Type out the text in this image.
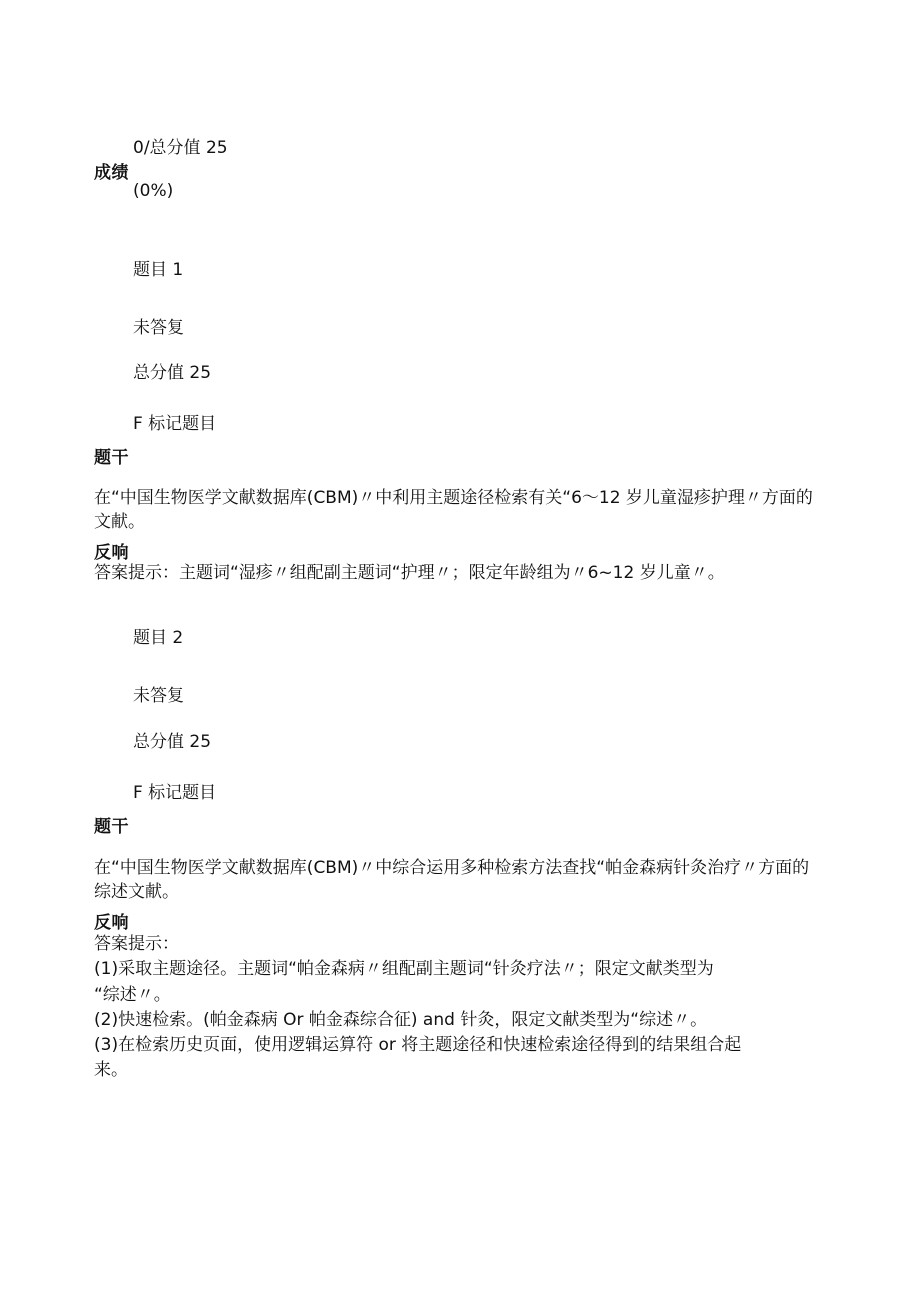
0/总分值 25
成绩
(0%)
题目 1
未答复
总分值 25
F 标记题目
题干
在“中国生物医学文献数据库(CBM)〃中利用主题途径检索有关“6～12 岁儿童湿疹护理〃方面的文献。
反响
答案提示：主题词“湿疹〃组配副主题词“护理〃；限定年龄组为〃6~12 岁儿童〃。
题目 2
未答复
总分值 25
F 标记题目
题干
在“中国生物医学文献数据库(CBM)〃中综合运用多种检索方法查找“帕金森病针灸治疗〃方面的综述文献。
反响
答案提示：
(1)采取主题途径。主题词“帕金森病〃组配副主题词“针灸疗法〃；限定文献类型为
“综述〃。
(2)快速检索。(帕金森病 Or 帕金森综合征) and 针灸，限定文献类型为“综述〃。
(3)在检索历史页面，使用逻辑运算符 or 将主题途径和快速检索途径得到的结果组合起
来。
